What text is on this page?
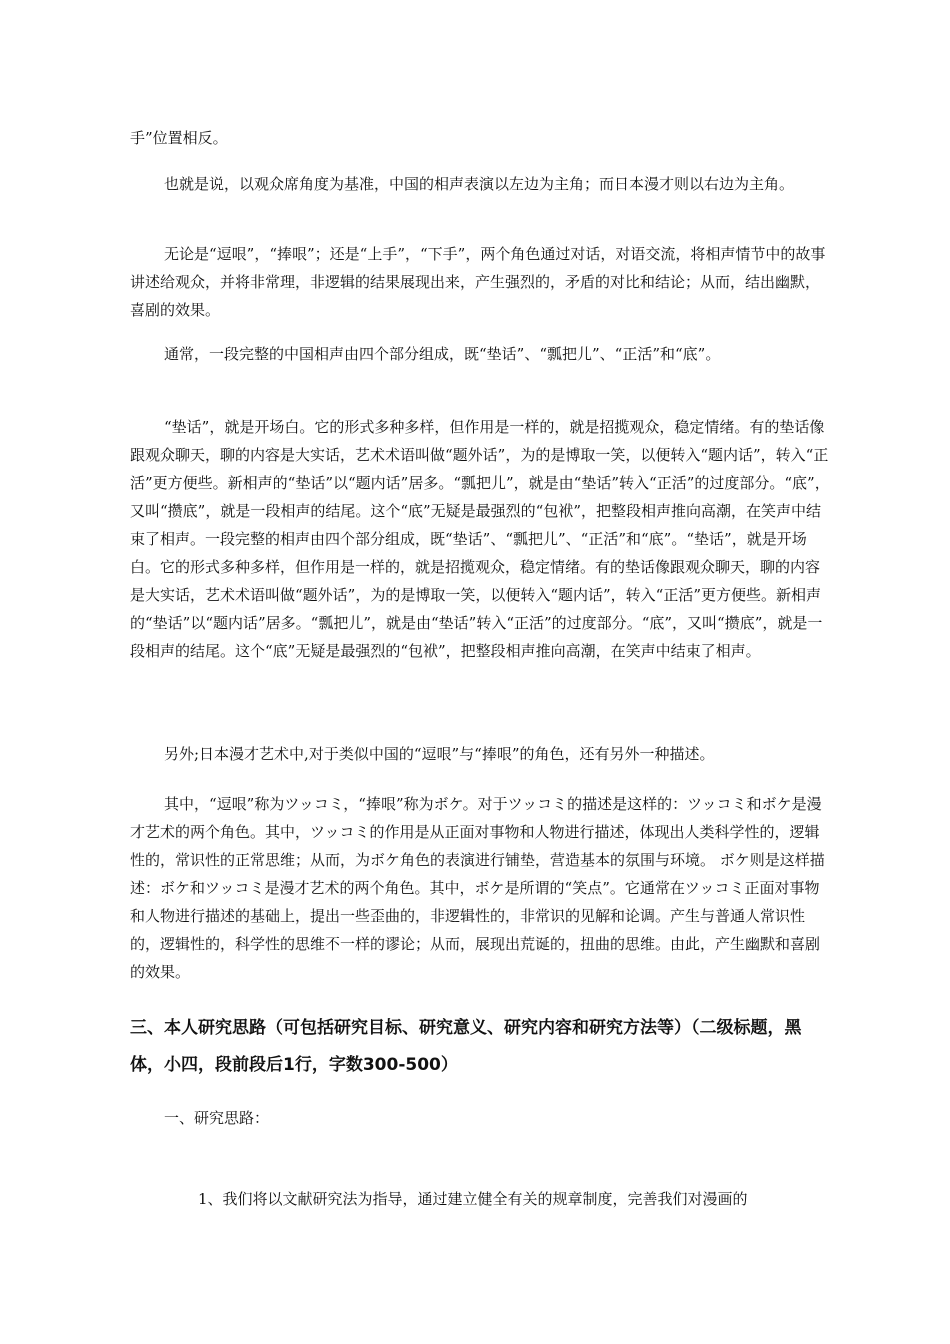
手”位置相反。

也就是说，以观众席角度为基准，中国的相声表演以左边为主角；而日本漫才则以右边为主角。

无论是“逗哏”，“捧哏”；还是“上手”，“下手”，两个角色通过对话，对语交流，将相声情节中的故事讲述给观众，并将非常理，非逻辑的结果展现出来，产生强烈的，矛盾的对比和结论；从而，结出幽默，喜剧的效果。

通常，一段完整的中国相声由四个部分组成，既“垫话”、“瓢把儿”、“正活”和“底”。

“垫话”，就是开场白。它的形式多种多样，但作用是一样的，就是招揽观众，稳定情绪。有的垫话像跟观众聊天，聊的内容是大实话，艺术术语叫做“题外话”，为的是博取一笑，以便转入“题内话”，转入“正活”更方便些。新相声的“垫话”以“题内话”居多。“瓢把儿”，就是由“垫话”转入“正活”的过度部分。“底”，又叫“攒底”，就是一段相声的结尾。这个“底”无疑是最强烈的“包袱”，把整段相声推向高潮，在笑声中结束了相声。一段完整的相声由四个部分组成，既“垫话”、“瓢把儿”、“正活”和“底”。“垫话”，就是开场白。它的形式多种多样，但作用是一样的，就是招揽观众，稳定情绪。有的垫话像跟观众聊天，聊的内容是大实话，艺术术语叫做“题外话”，为的是博取一笑，以便转入“题内话”，转入“正活”更方便些。新相声的“垫话”以“题内话”居多。“瓢把儿”，就是由“垫话”转入“正活”的过度部分。“底”，又叫“攒底”，就是一段相声的结尾。这个“底”无疑是最强烈的“包袱”，把整段相声推向高潮，在笑声中结束了相声。

另外;日本漫才艺术中,对于类似中国的“逗哏”与“捧哏”的角色，还有另外一种描述。

其中，“逗哏”称为ツッコミ，“捧哏”称为ボケ。对于ツッコミ的描述是这样的：ツッコミ和ボケ是漫才艺术的两个角色。其中，ツッコミ的作用是从正面对事物和人物进行描述，体现出人类科学性的，逻辑性的，常识性的正常思维；从而，为ボケ角色的表演进行铺垫，营造基本的氛围与环境。 ボケ则是这样描述：ボケ和ツッコミ是漫才艺术的两个角色。其中，ボケ是所谓的“笑点”。它通常在ツッコミ正面对事物和人物进行描述的基础上，提出一些歪曲的，非逻辑性的，非常识的见解和论调。产生与普通人常识性的，逻辑性的，科学性的思维不一样的谬论；从而，展现出荒诞的，扭曲的思维。由此，产生幽默和喜剧的效果。

三、本人研究思路（可包括研究目标、研究意义、研究内容和研究方法等）（二级标题，黑体，小四，段前段后1行，字数300-500）

一、研究思路：

1、我们将以文献研究法为指导，通过建立健全有关的规章制度，完善我们对漫画的
